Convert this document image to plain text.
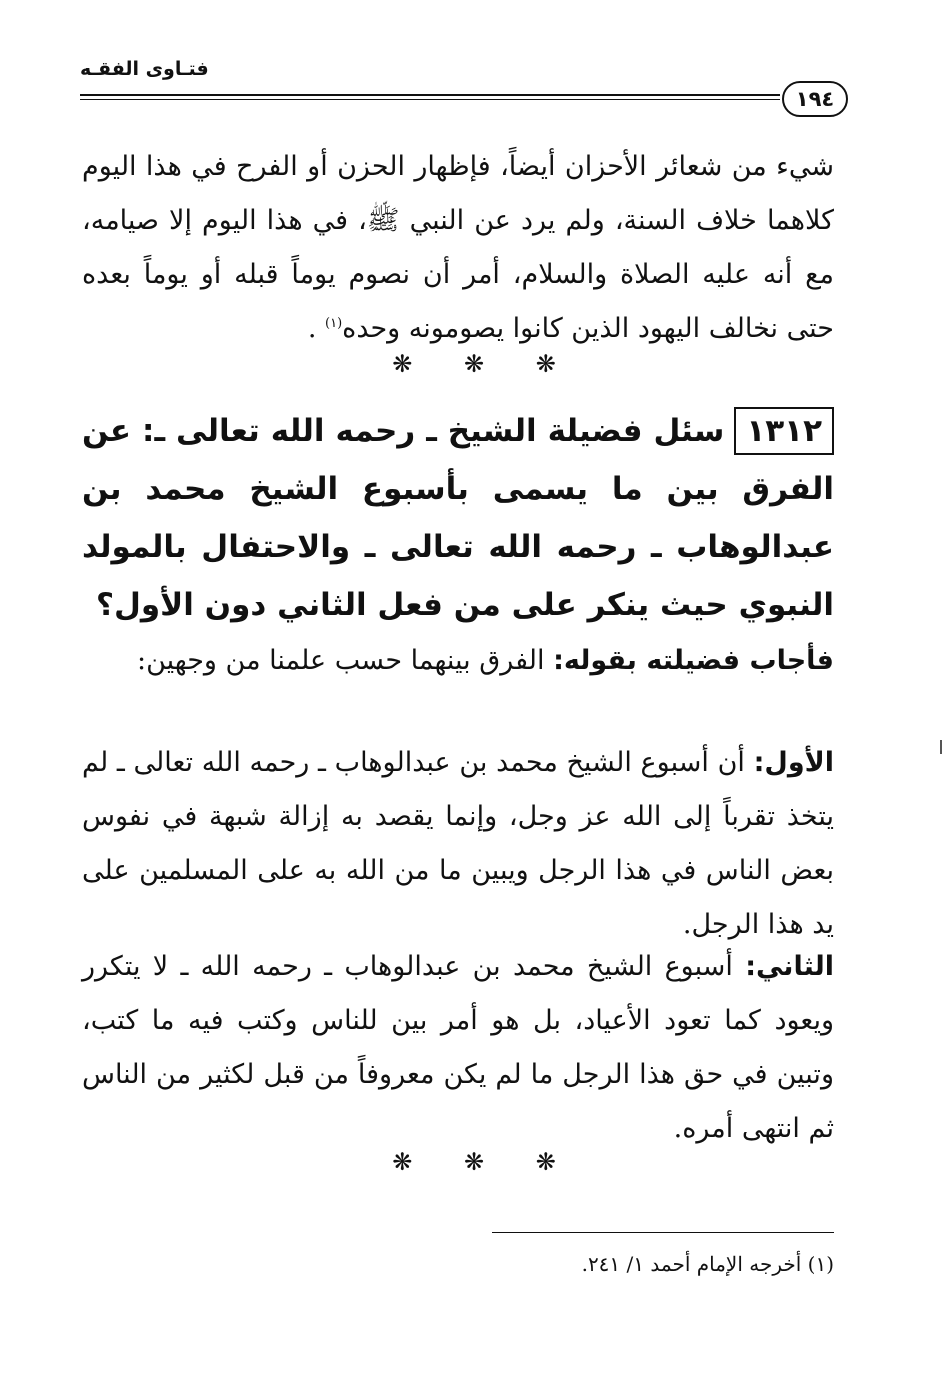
فتـاوى الفقـه
١٩٤
شيء من شعائر الأحزان أيضاً، فإظهار الحزن أو الفرح في هذا اليوم كلاهما خلاف السنة، ولم يرد عن النبي ﷺ، في هذا اليوم إلا صيامه، مع أنه عليه الصلاة والسلام، أمر أن نصوم يوماً قبله أو يوماً بعده حتى نخالف اليهود الذين كانوا يصومونه وحده$^{(١)}$ .
❋ ❋ ❋
١٣١٢سئل فضيلة الشيخ ـ رحمه الله تعالى ـ: عن الفرق بين ما يسمى بأسبوع الشيخ محمد بن عبدالوهاب ـ رحمه الله تعالى ـ والاحتفال بالمولد النبوي حيث ينكر على من فعل الثاني دون الأول؟
فأجاب فضيلته بقوله: الفرق بينهما حسب علمنا من وجهين:
الأول: أن أسبوع الشيخ محمد بن عبدالوهاب ـ رحمه الله تعالى ـ لم يتخذ تقرباً إلى الله عز وجل، وإنما يقصد به إزالة شبهة في نفوس بعض الناس في هذا الرجل ويبين ما من الله به على المسلمين على يد هذا الرجل.
الثاني: أسبوع الشيخ محمد بن عبدالوهاب ـ رحمه الله ـ لا يتكرر ويعود كما تعود الأعياد، بل هو أمر بين للناس وكتب فيه ما كتب، وتبين في حق هذا الرجل ما لم يكن معروفاً من قبل لكثير من الناس ثم انتهى أمره.
❋ ❋ ❋
(١) أخرجه الإمام أحمد ١/ ٢٤١.
